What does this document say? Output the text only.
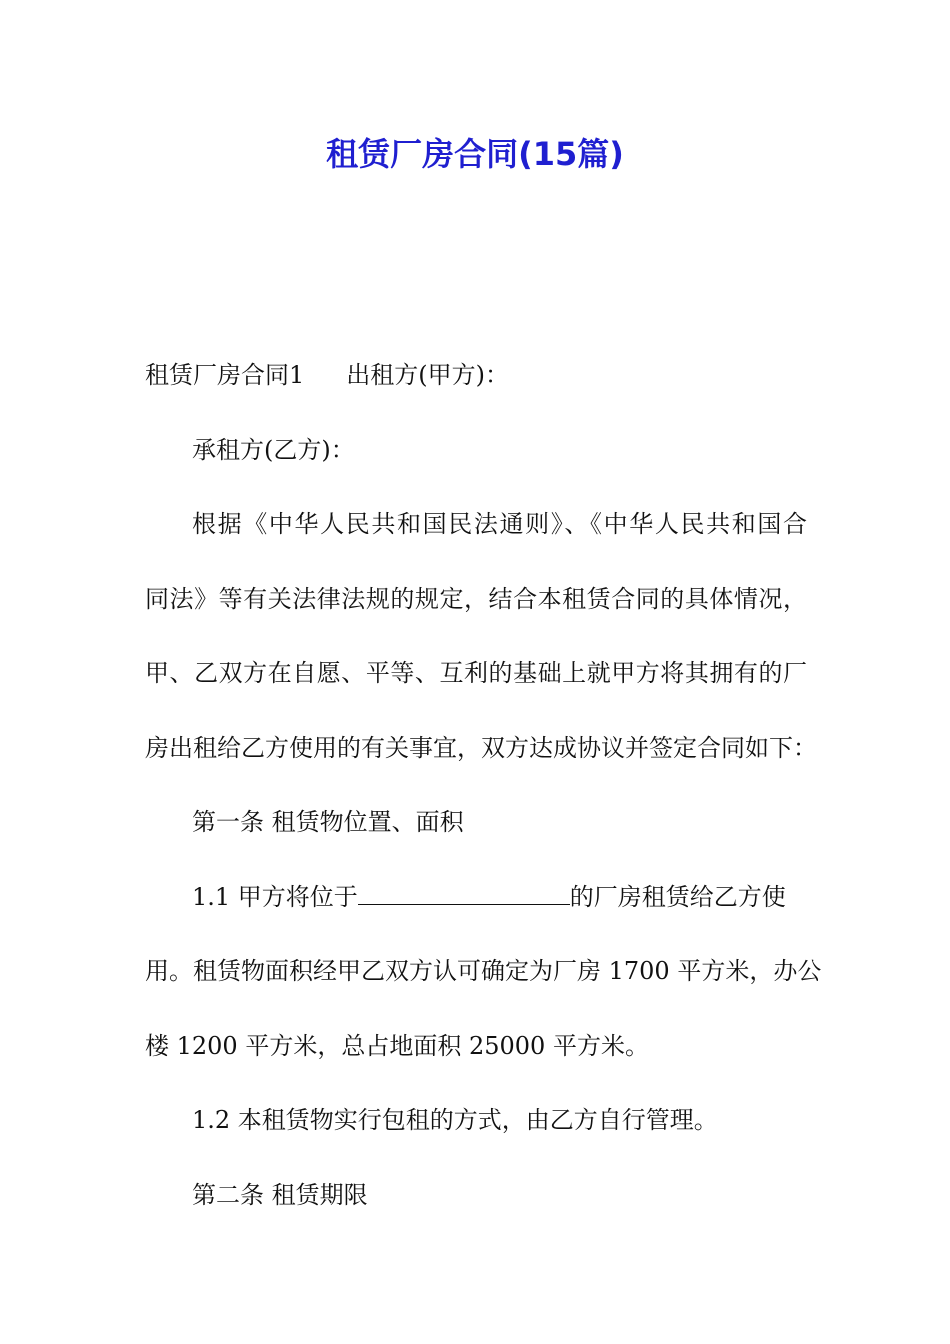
租赁厂房合同(15篇)
租赁厂房合同1 出租方(甲方)：
承租方(乙方)：
根据《中华人民共和国民法通则》、《中华人民共和国合
同法》等有关法律法规的规定，结合本租赁合同的具体情况，
甲、乙双方在自愿、平等、互利的基础上就甲方将其拥有的厂
房出租给乙方使用的有关事宜，双方达成协议并签定合同如下：
第一条 租赁物位置、面积
1.1 甲方将位于	的厂房租赁给乙方使
用。租赁物面积经甲乙双方认可确定为厂房 1700 平方米，办公
楼 1200 平方米，总占地面积 25000 平方米。
1.2 本租赁物实行包租的方式，由乙方自行管理。
第二条 租赁期限
